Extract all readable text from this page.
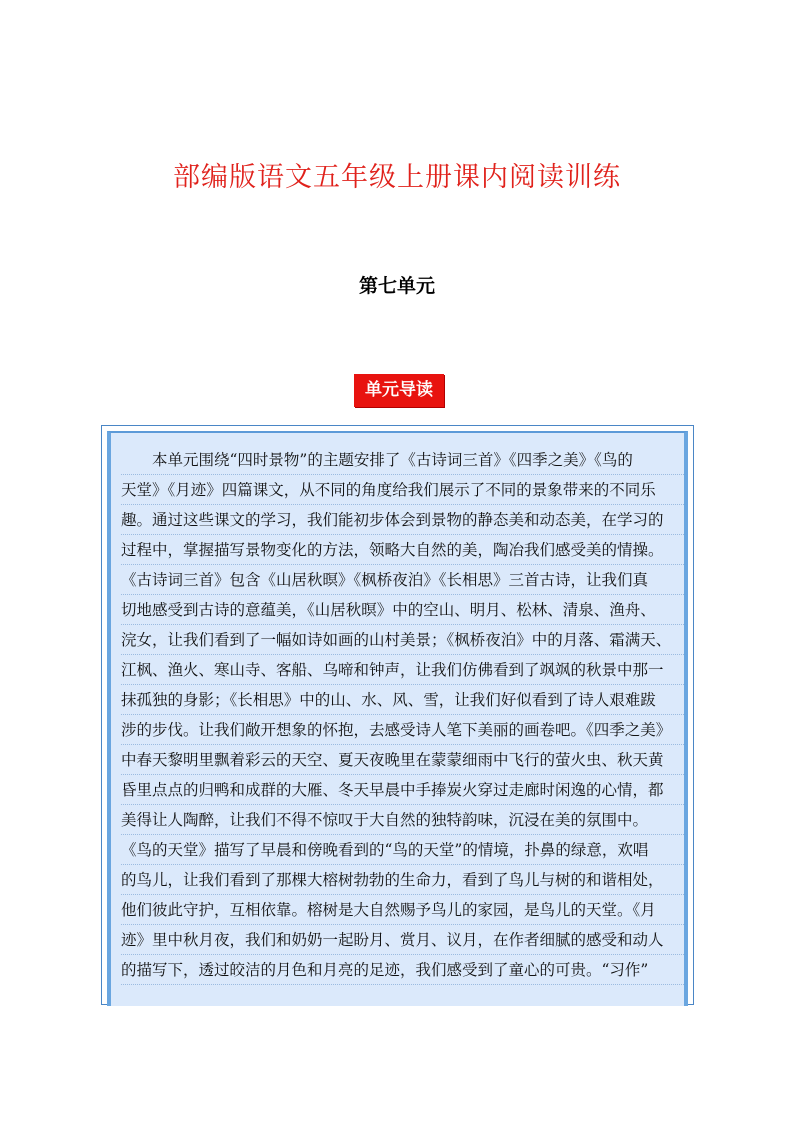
部编版语文五年级上册课内阅读训练
第七单元
单元导读
本单元围绕“四时景物”的主题安排了《古诗词三首》《四季之美》《鸟的
天堂》《月迹》四篇课文，从不同的角度给我们展示了不同的景象带来的不同乐
趣。通过这些课文的学习，我们能初步体会到景物的静态美和动态美，在学习的
过程中，掌握描写景物变化的方法，领略大自然的美，陶冶我们感受美的情操。
《古诗词三首》包含《山居秋暝》《枫桥夜泊》《长相思》三首古诗，让我们真
切地感受到古诗的意蕴美，《山居秋暝》中的空山、明月、松林、清泉、渔舟、
浣女，让我们看到了一幅如诗如画的山村美景；《枫桥夜泊》中的月落、霜满天、
江枫、渔火、寒山寺、客船、乌啼和钟声，让我们仿佛看到了飒飒的秋景中那一
抹孤独的身影；《长相思》中的山、水、风、雪，让我们好似看到了诗人艰难跋
涉的步伐。让我们敞开想象的怀抱，去感受诗人笔下美丽的画卷吧。《四季之美》
中春天黎明里飘着彩云的天空、夏天夜晚里在蒙蒙细雨中飞行的萤火虫、秋天黄
昏里点点的归鸭和成群的大雁、冬天早晨中手捧炭火穿过走廊时闲逸的心情，都
美得让人陶醉，让我们不得不惊叹于大自然的独特韵味，沉浸在美的氛围中。
《鸟的天堂》描写了早晨和傍晚看到的“鸟的天堂”的情境，扑鼻的绿意，欢唱
的鸟儿，让我们看到了那棵大榕树勃勃的生命力，看到了鸟儿与树的和谐相处，
他们彼此守护，互相依靠。榕树是大自然赐予鸟儿的家园，是鸟儿的天堂。《月
迹》里中秋月夜，我们和奶奶一起盼月、赏月、议月，在作者细腻的感受和动人
的描写下，透过皎洁的月色和月亮的足迹，我们感受到了童心的可贵。“习作”
